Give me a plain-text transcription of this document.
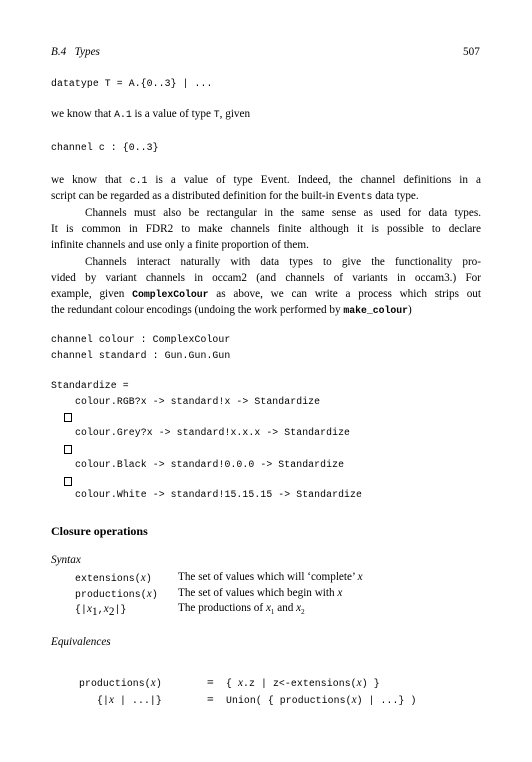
B.4 Types	507
datatype T = A.{0..3} | ...
we know that A.1 is a value of type T, given
channel c : {0..3}
we know that c.1 is a value of type Event. Indeed, the channel definitions in a
script can be regarded as a distributed definition for the built-in Events data type.
Channels must also be rectangular in the same sense as used for data types.
It is common in FDR2 to make channels finite although it is possible to declare
infinite channels and use only a finite proportion of them.
Channels interact naturally with data types to give the functionality pro-
vided by variant channels in occam2 (and channels of variants in occam3.) For
example, given ComplexColour as above, we can write a process which strips out
the redundant colour encodings (undoing the work performed by make_colour)
channel colour : ComplexColour
channel standard : Gun.Gun.Gun
Standardize =
colour.RGB?x -> standard!x -> Standardize
colour.Grey?x -> standard!x.x.x -> Standardize
colour.Black -> standard!0.0.0 -> Standardize
colour.White -> standard!15.15.15 -> Standardize
Closure operations
Syntax
extensions(x) The set of values which will ‘complete’ x
productions(x) The set of values which begin with x
$\{|x_1,x_2|\}$	The productions of $x_1$ and $x_2$
Equivalences
productions(x)	≡ { x.z | z<-extensions(x) }
{|x | ...|}	≡ Union( { productions(x) | ...} )
